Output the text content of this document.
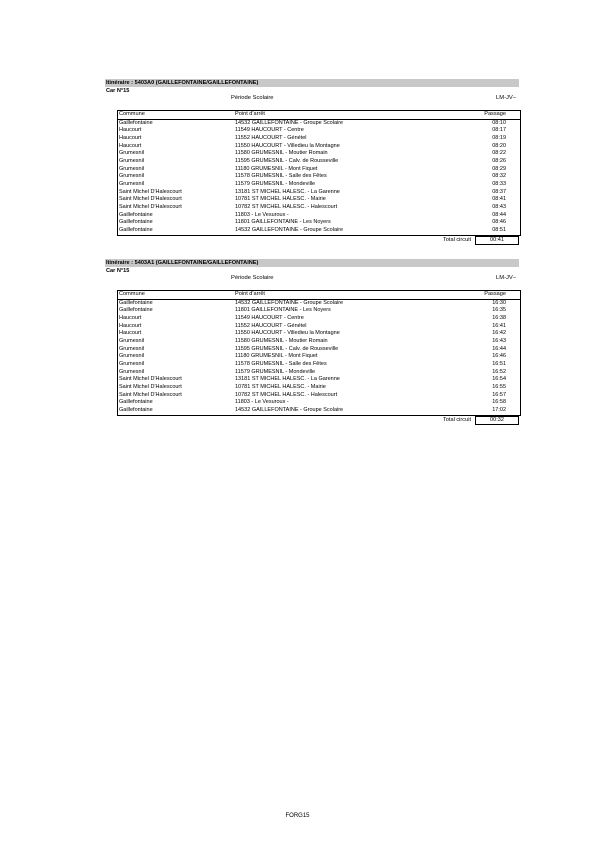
Itinéraire : 5403A0 (GAILLEFONTAINE/GAILLEFONTAINE)
Car N°15
Période Scolaire	LM-JV–
Commune	Point d'arrêt	Passage
Gaillefontaine	14532 GAILLEFONTAINE - Groupe Scolaire	08:10
Haucourt	11549 HAUCOURT - Centre	08:17
Haucourt	11552 HAUCOURT - Génétel	08:19
Haucourt	11550 HAUCOURT - Villedieu la Montagne	08:20
Grumesnil	11580 GRUMESNIL - Moutier Romain	08:22
Grumesnil	11595 GRUMESNIL - Calv. de Rousseville	08:26
Grumesnil	11180 GRUMESNIL - Mont Fiquet	08:29
Grumesnil	11578 GRUMESNIL - Salle des Fêtes	08:32
Grumesnil	11579 GRUMESNIL - Mondeville	08:33
Saint Michel D'Halescourt	13181 ST MICHEL HALESC. - La Garenne	08:37
Saint Michel D'Halescourt	10781 ST MICHEL HALESC. - Mairie	08:41
Saint Michel D'Halescourt	10782 ST MICHEL HALESC. - Halescourt	08:43
Gaillefontaine	11803 - Le Vesuroux -	08:44
Gaillefontaine	11801 GAILLEFONTAINE - Les Noyers	08:46
Gaillefontaine	14532 GAILLEFONTAINE - Groupe Scolaire	08:51
Total circuit	00:41
Itinéraire : 5403A1 (GAILLEFONTAINE/GAILLEFONTAINE)
Car N°15
Période Scolaire	LM-JV–
Commune	Point d'arrêt	Passage
Gaillefontaine	14532 GAILLEFONTAINE - Groupe Scolaire	16:30
Gaillefontaine	11801 GAILLEFONTAINE - Les Noyers	16:35
Haucourt	11549 HAUCOURT - Centre	16:38
Haucourt	11552 HAUCOURT - Génétel	16:41
Haucourt	11550 HAUCOURT - Villedieu la Montagne	16:42
Grumesnil	11580 GRUMESNIL - Moutier Romain	16:43
Grumesnil	11595 GRUMESNIL - Calv. de Rousseville	16:44
Grumesnil	11180 GRUMESNIL - Mont Fiquet	16:46
Grumesnil	11578 GRUMESNIL - Salle des Fêtes	16:51
Grumesnil	11579 GRUMESNIL - Mondeville	16:52
Saint Michel D'Halescourt	13181 ST MICHEL HALESC. - La Garenne	16:54
Saint Michel D'Halescourt	10781 ST MICHEL HALESC. - Mairie	16:55
Saint Michel D'Halescourt	10782 ST MICHEL HALESC. - Halescourt	16:57
Gaillefontaine	11803 - Le Vesuroux -	16:58
Gaillefontaine	14532 GAILLEFONTAINE - Groupe Scolaire	17:02
Total circuit	00:32
FORG15
